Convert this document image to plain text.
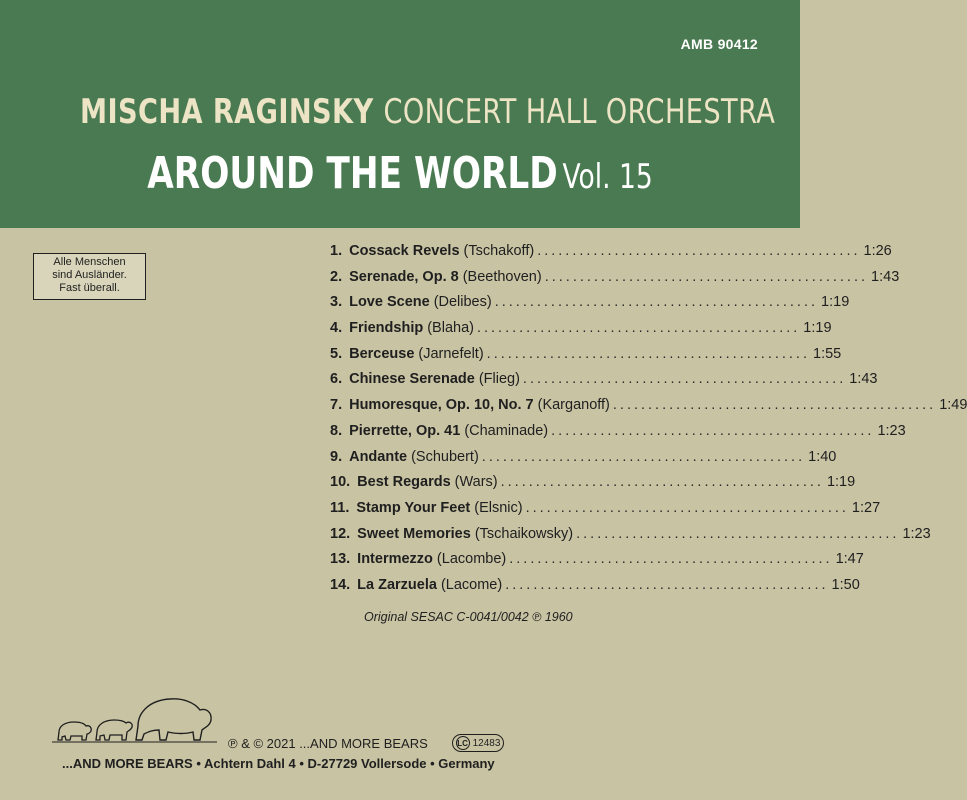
AMB 90412
MISCHA RAGINSKY CONCERT HALL ORCHESTRA
AROUND THE WORLD Vol. 15
Alle Menschen
sind Ausländer.
Fast überall.
1. Cossack Revels (Tschakoff) .............................................. 1:26
2. Serenade, Op. 8 (Beethoven) .............................................. 1:43
3. Love Scene (Delibes) .............................................. 1:19
4. Friendship (Blaha) .............................................. 1:19
5. Berceuse (Jarnefelt) .............................................. 1:55
6. Chinese Serenade (Flieg) .............................................. 1:43
7. Humoresque, Op. 10, No. 7 (Karganoff) .............................................. 1:49
8. Pierrette, Op. 41 (Chaminade) .............................................. 1:23
9. Andante (Schubert) .............................................. 1:40
10. Best Regards (Wars) .............................................. 1:19
11. Stamp Your Feet (Elsnic) .............................................. 1:27
12. Sweet Memories (Tschaikowsky) .............................................. 1:23
13. Intermezzo (Lacombe) .............................................. 1:47
14. La Zarzuela (Lacome) .............................................. 1:50
Original SESAC C-0041/0042 ℗ 1960
℗ & © 2021 ...AND MORE BEARS	LC 12483
...AND MORE BEARS • Achtern Dahl 4 • D-27729 Vollersode • Germany
